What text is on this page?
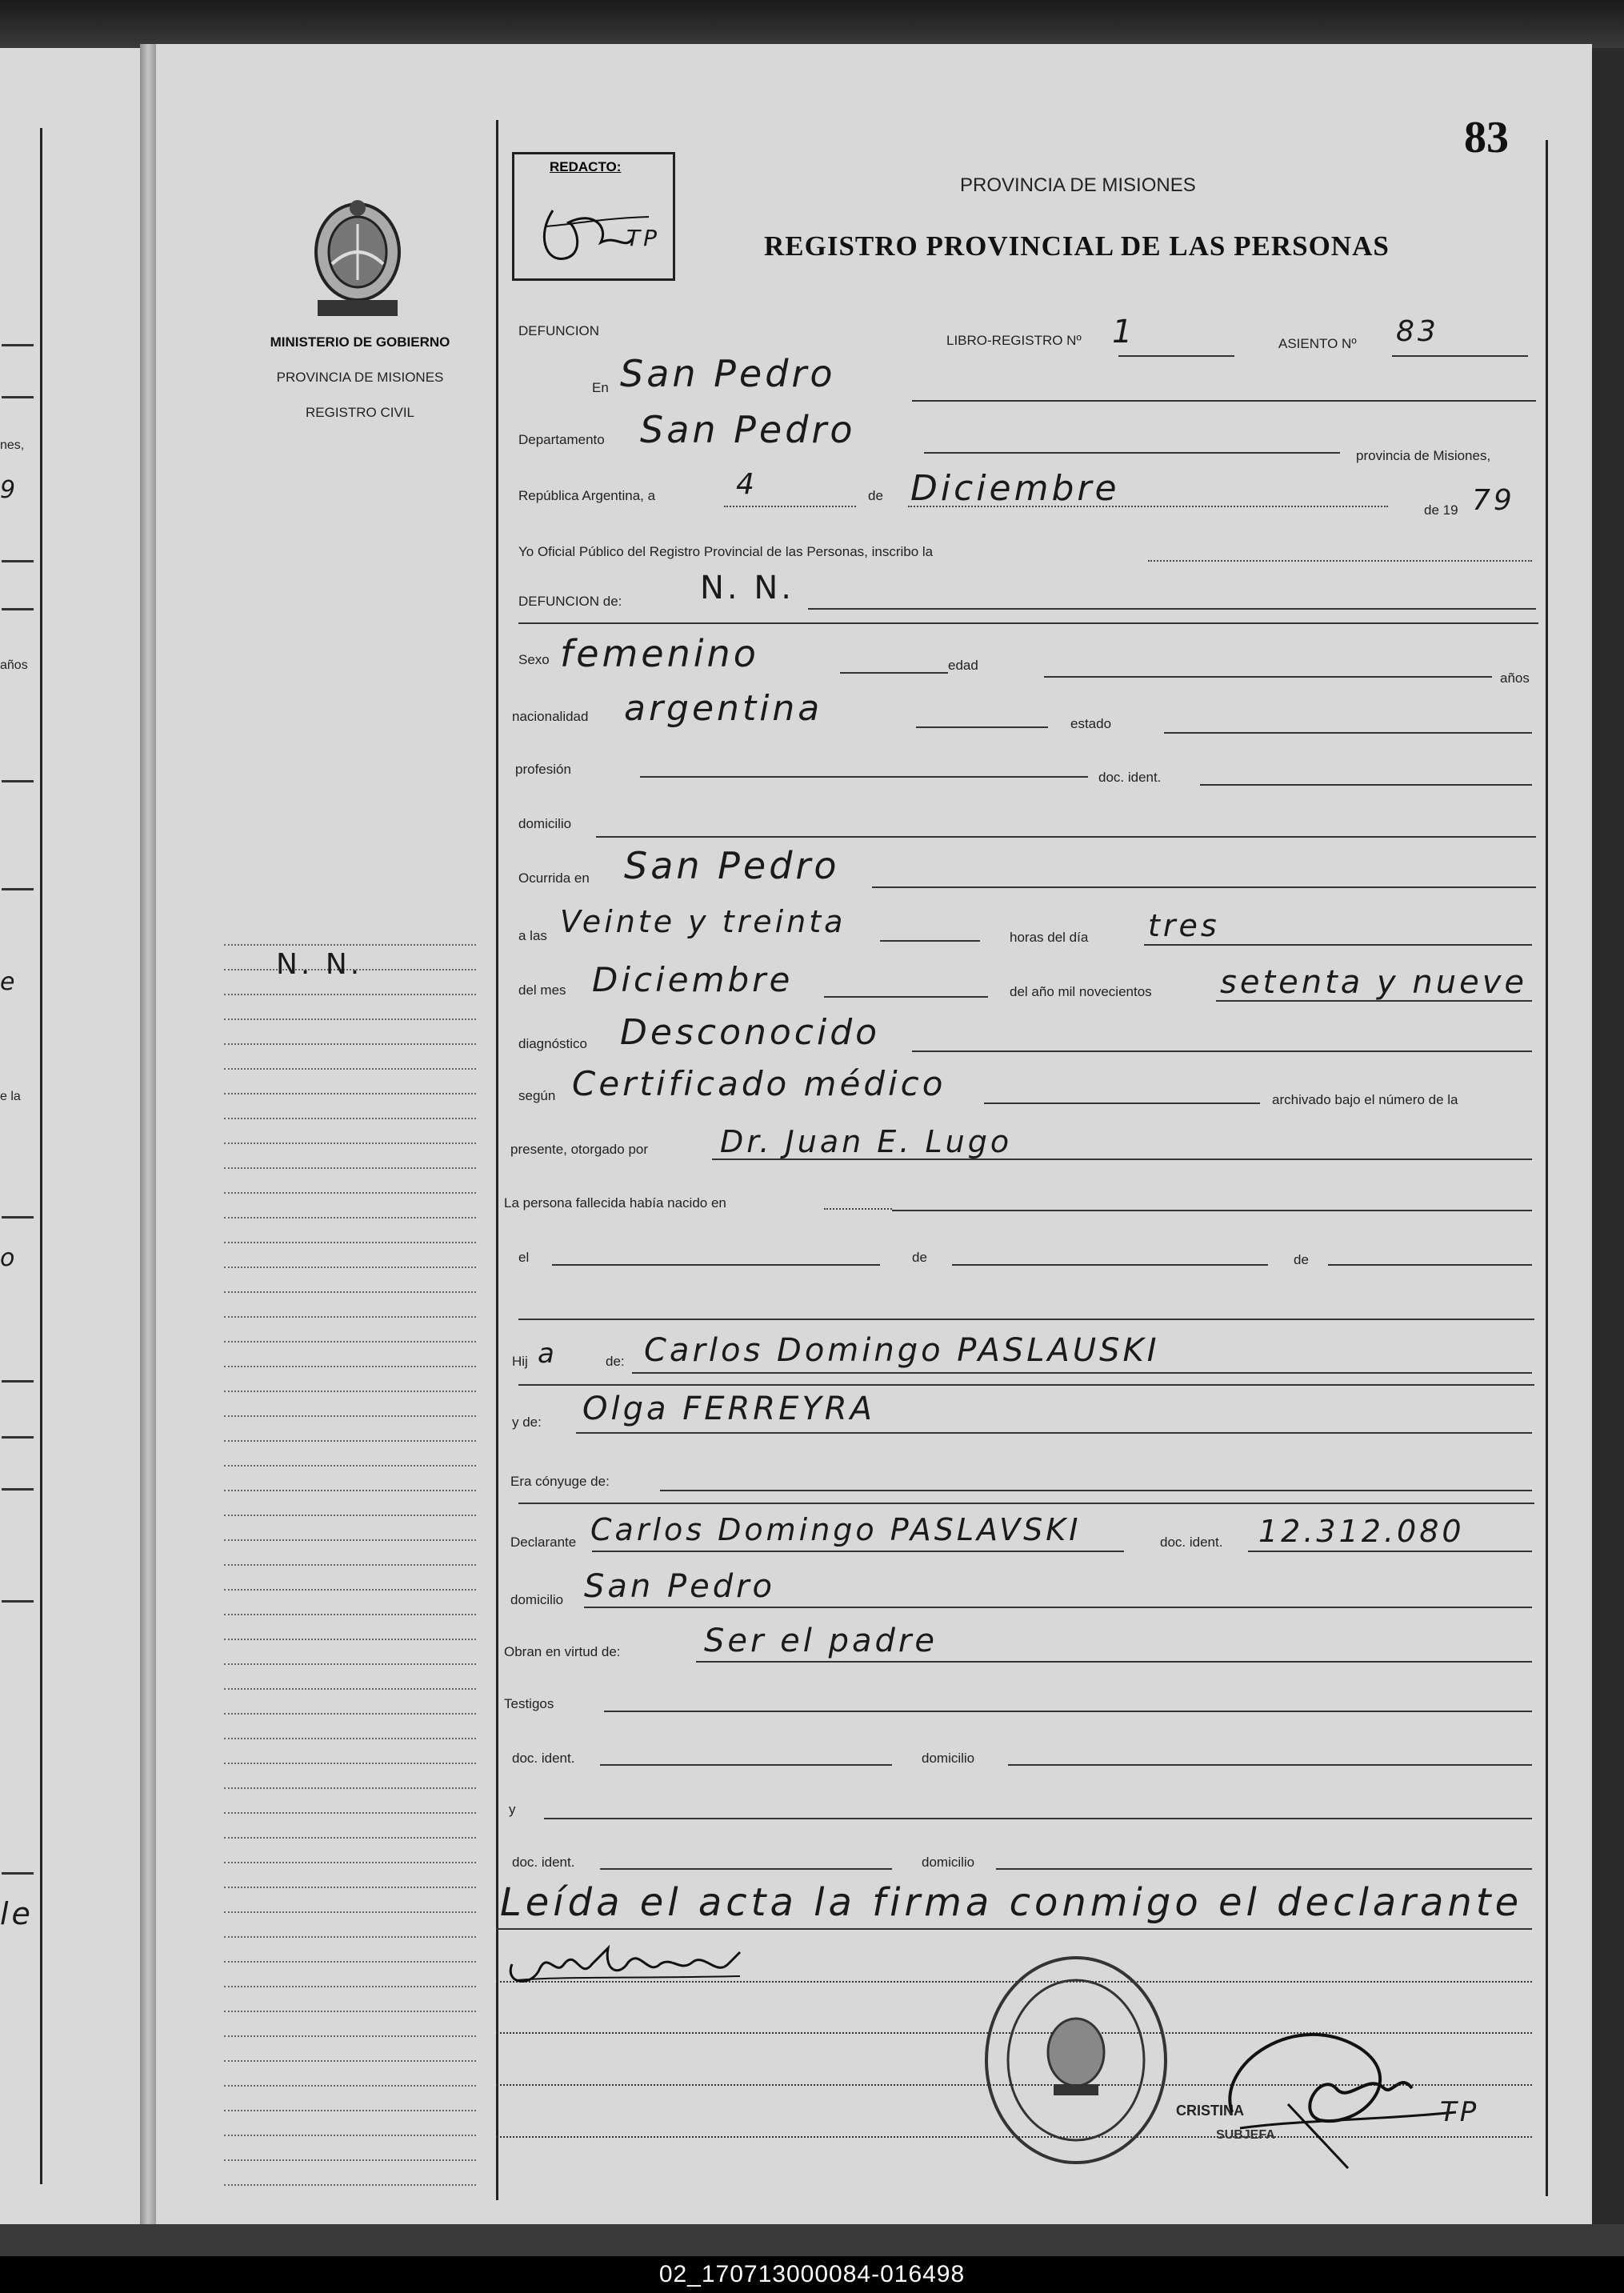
nes,
9
años
e
e la
o
le
83
REDACTO:
TP
PROVINCIA DE MISIONES
REGISTRO PROVINCIAL DE LAS PERSONAS
MINISTERIO DE GOBIERNO
PROVINCIA DE MISIONES
REGISTRO CIVIL
N. N.
DEFUNCION
LIBRO-REGISTRO Nº 1	ASIENTO Nº 83
En San Pedro
Departamento San Pedro
provincia de Misiones,
República Argentina, a	4	de Diciembre
de 19 79
Yo Oficial Público del Registro Provincial de las Personas, inscribo la
DEFUNCION de: N. N.
Sexo femenino	edad
años
nacionalidad argentina	estado
profesión
doc. ident.
domicilio
Ocurrida en San Pedro
a las Veinte y treinta	horas del día tres
del mes Diciembre	del año mil novecientos setenta y nueve
diagnóstico Desconocido
según Certificado médico	archivado bajo el número de la
presente, otorgado por Dr. Juan E. Lugo
La persona fallecida había nacido en
el	de	de
Hij a	de: Carlos Domingo PASLAUSKI
y de: Olga FERREYRA
Era cónyuge de:
Declarante Carlos Domingo PASLAVSKI	doc. ident. 12.312.080
domicilio San Pedro
Obran en virtud de:	Ser el padre
Testigos
doc. ident.	domicilio
y
doc. ident.	domicilio
Leída el acta la firma conmigo el declarante
CRISTINA
SUBJEFA
TP
02_170713000084-016498
